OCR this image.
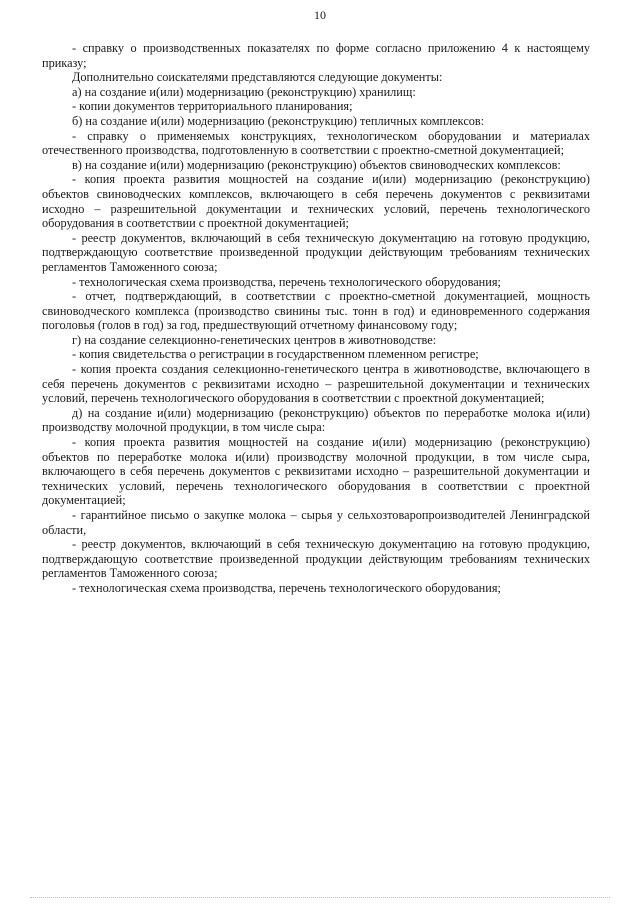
10

- справку о производственных показателях по форме согласно приложению 4 к настоящему приказу;

Дополнительно соискателями представляются следующие документы:

а) на создание и(или) модернизацию (реконструкцию) хранилищ:

- копии документов территориального планирования;

б) на создание и(или) модернизацию (реконструкцию) тепличных комплексов:

- справку о применяемых конструкциях, технологическом оборудовании и материалах отечественного производства, подготовленную в соответствии с проектно-сметной документацией;

в) на создание и(или) модернизацию (реконструкцию) объектов свиноводческих комплексов:

- копия проекта развития мощностей на создание и(или) модернизацию (реконструкцию) объектов свиноводческих комплексов, включающего в себя перечень документов с реквизитами исходно – разрешительной документации и технических условий, перечень технологического оборудования в соответствии с проектной документацией;

- реестр документов, включающий в себя техническую документацию на готовую продукцию, подтверждающую соответствие произведенной продукции действующим требованиям технических регламентов Таможенного союза;

- технологическая схема производства, перечень технологического оборудования;

- отчет, подтверждающий, в соответствии с проектно-сметной документацией, мощность свиноводческого комплекса (производство свинины тыс. тонн в год) и единовременного содержания поголовья (голов в год) за год, предшествующий отчетному финансовому году;

г) на создание селекционно-генетических центров в животноводстве:

- копия свидетельства о регистрации в государственном племенном регистре;

- копия проекта создания селекционно-генетического центра в животноводстве, включающего в себя перечень документов с реквизитами исходно – разрешительной документации и технических условий, перечень технологического оборудования в соответствии с проектной документацией;

д) на создание и(или) модернизацию (реконструкцию) объектов по переработке молока и(или) производству молочной продукции, в том числе сыра:

- копия проекта развития мощностей на создание и(или) модернизацию (реконструкцию) объектов по переработке молока и(или) производству молочной продукции, в том числе сыра, включающего в себя перечень документов с реквизитами исходно – разрешительной документации и технических условий, перечень технологического оборудования в соответствии с проектной документацией;

- гарантийное письмо о закупке молока – сырья у сельхозтоваропроизводителей Ленинградской области,

- реестр документов, включающий в себя техническую документацию на готовую продукцию, подтверждающую соответствие произведенной продукции действующим требованиям технических регламентов Таможенного союза;

- технологическая схема производства, перечень технологического оборудования;
